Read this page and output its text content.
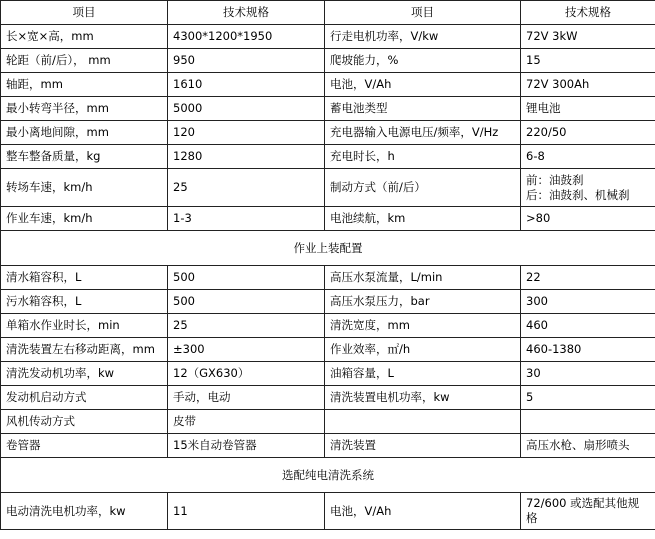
项目	技术规格	项目	技术规格
长×宽×高，mm	4300*1200*1950	行走电机功率，V/kw	72V 3kW
轮距（前/后）， mm	950	爬坡能力，%	15
轴距，mm	1610	电池，V/Ah	72V 300Ah
最小转弯半径，mm	5000	蓄电池类型	锂电池
最小离地间隙，mm	120	充电器输入电源电压/频率，V/Hz	220/50
整车整备质量，kg	1280	充电时长，h	6-8
转场车速，km/h	25	制动方式（前/后）	前：油鼓刹
后：油鼓刹、机械刹
作业车速，km/h	1-3	电池续航，km	>80
作业上装配置			
清水箱容积，L	500	高压水泵流量，L/min	22
污水箱容积，L	500	高压水泵压力，bar	300
单箱水作业时长，min	25	清洗宽度，mm	460
清洗装置左右移动距离，mm	±300	作业效率，㎡/h	460-1380
清洗发动机功率，kw	12（GX630）	油箱容量，L	30
发动机启动方式	手动，电动	清洗装置电机功率，kw	5
风机传动方式	皮带		
卷管器	15米自动卷管器	清洗装置	高压水枪、扇形喷头
选配纯电清洗系统			
电动清洗电机功率，kw	11	电池，V/Ah	72/600 或选配其他规格
